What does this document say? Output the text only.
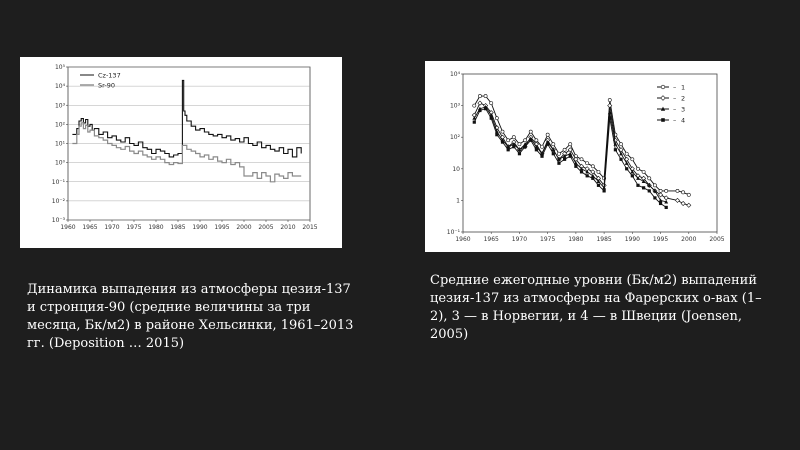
10⁵
10⁴
10³
10²
10¹
10⁰
10⁻¹
10⁻²
10⁻³
1960 1965 1970 1975 1980 1985 1990 1995 2000 2005 2010 2015
Cz-137
Sr-90
10⁴
10³
10²
10
1
10⁻¹
1960 1965 1970 1975 1980 1985 1990 1995 2000 2005
1
–
2
–
3
–
4
–
Динамика выпадения из атмосферы цезия-137 и стронция-90 (средние величины за три месяца, Бк/м2) в районе Хельсинки, 1961–2013 гг. (Deposition … 2015)
Средние ежегодные уровни (Бк/м2) выпадений цезия-137 из атмосферы на Фарерских о-вах (1–2), 3 — в Норвегии, и 4 — в Швеции (Joensen, 2005)
